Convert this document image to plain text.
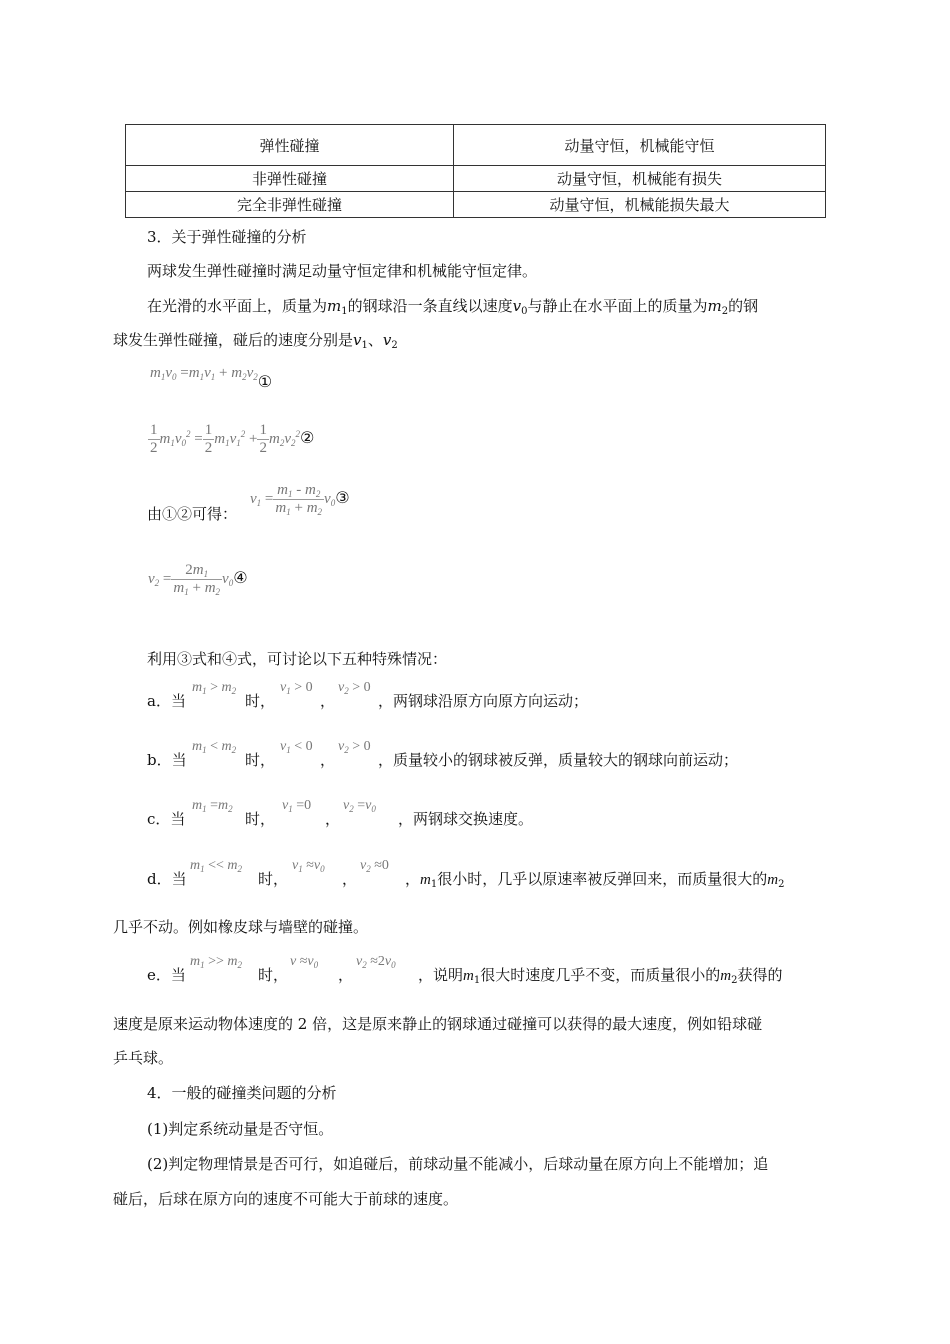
弹性碰撞	动量守恒，机械能守恒
非弹性碰撞	动量守恒，机械能有损失
完全非弹性碰撞	动量守恒，机械能损失最大
3．关于弹性碰撞的分析
两球发生弹性碰撞时满足动量守恒定律和机械能守恒定律。
在光滑的水平面上，质量为$m_1$的钢球沿一条直线以速度$v_0$与静止在水平面上的质量为$m_2$的钢
球发生弹性碰撞，碰后的速度分别是$v_1$、$v_2$
$m_1v_0 =m_1v_1$ + $m_2v_2①$
$\frac{1}{2} m_1v_0^2 = \frac{1}{2} m_1v_1^2 + \frac{1}{2}$ $m_2v_2^2②$
由①②可得：
$v_1 = \frac{m_1 - m_2}{m_1 + m_2}$ $v_0③$
$v_2 = \frac{2m_1}{m_1 + m_2}$ $v_0④$
利用③式和④式，可讨论以下五种特殊情况：
a．当
$m_1 > m_2$
时，
$v_1 > 0$
，
$v_2 > 0$
，两钢球沿原方向原方向运动；
b．当
$m_1 < m_2$
时，
$v_1 < 0$
，
$v_2 > 0$
，质量较小的钢球被反弹，质量较大的钢球向前运动；
c．当
$m_1 =m_2$
时，
$v_1 =0$
，
$v_2 =v_0$
，两钢球交换速度。
d．当
$m_1 << m_2$
时，
$v_1 \approx v_0$
，
$v_2 \approx 0$
，$m_1$很小时，几乎以原速率被反弹回来，而质量很大的$m_2$
几乎不动。例如橡皮球与墙壁的碰撞。
e．当
$m_1 >> m_2$
时，
$v \approx v_0$
，
$v_2 \approx 2v_0$
，说明$m_1$很大时速度几乎不变，而质量很小的$m_2$获得的
速度是原来运动物体速度的 2 倍，这是原来静止的钢球通过碰撞可以获得的最大速度，例如铅球碰
乒乓球。
4．一般的碰撞类问题的分析
(1)判定系统动量是否守恒。
(2)判定物理情景是否可行，如追碰后，前球动量不能减小，后球动量在原方向上不能增加；追
碰后，后球在原方向的速度不可能大于前球的速度。
